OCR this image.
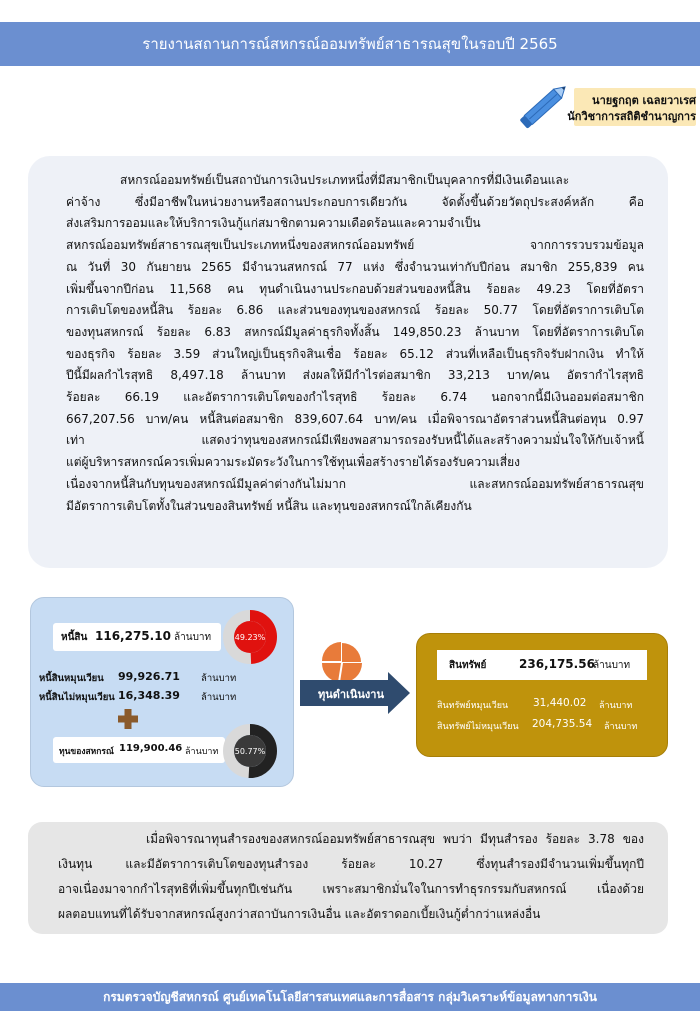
รายงานสถานการณ์สหกรณ์ออมทรัพย์สาธารณสุขในรอบปี 2565
นายฐกฤต เฉลยวาเรศ
นักวิชาการสถิติชำนาญการ
สหกรณ์ออมทรัพย์เป็นสถาบันการเงินประเภทหนึ่งที่มีสมาชิกเป็นบุคลากรที่มีเงินเดือนและ
ค่าจ้าง ซึ่งมีอาชีพในหน่วยงานหรือสถานประกอบการเดียวกัน จัดตั้งขึ้นด้วยวัตถุประสงค์หลัก คือ
ส่งเสริมการออมและให้บริการเงินกู้แก่สมาชิกตามความเดือดร้อนและความจำเป็น
สหกรณ์ออมทรัพย์สาธารณสุขเป็นประเภทหนึ่งของสหกรณ์ออมทรัพย์ จากการรวบรวมข้อมูล
ณ วันที่ 30 กันยายน 2565 มีจำนวนสหกรณ์ 77 แห่ง ซึ่งจำนวนเท่ากับปีก่อน สมาชิก 255,839 คน
เพิ่มขึ้นจากปีก่อน 11,568 คน ทุนดำเนินงานประกอบด้วยส่วนของหนี้สิน ร้อยละ 49.23 โดยที่อัตรา
การเติบโตของหนี้สิน ร้อยละ 6.86 และส่วนของทุนของสหกรณ์ ร้อยละ 50.77 โดยที่อัตราการเติบโต
ของทุนสหกรณ์ ร้อยละ 6.83 สหกรณ์มีมูลค่าธุรกิจทั้งสิ้น 149,850.23 ล้านบาท โดยที่อัตราการเติบโต
ของธุรกิจ ร้อยละ 3.59 ส่วนใหญ่เป็นธุรกิจสินเชื่อ ร้อยละ 65.12 ส่วนที่เหลือเป็นธุรกิจรับฝากเงิน ทำให้
ปีนี้มีผลกำไรสุทธิ 8,497.18 ล้านบาท ส่งผลให้มีกำไรต่อสมาชิก 33,213 บาท/คน อัตรากำไรสุทธิ
ร้อยละ 66.19 และอัตราการเติบโตของกำไรสุทธิ ร้อยละ 6.74 นอกจากนี้มีเงินออมต่อสมาชิก
667,207.56 บาท/คน หนี้สินต่อสมาชิก 839,607.64 บาท/คน เมื่อพิจารณาอัตราส่วนหนี้สินต่อทุน 0.97
เท่า แสดงว่าทุนของสหกรณ์มีเพียงพอสามารถรองรับหนี้ได้และสร้างความมั่นใจให้กับเจ้าหนี้
แต่ผู้บริหารสหกรณ์ควรเพิ่มความระมัดระวังในการใช้ทุนเพื่อสร้างรายได้รองรับความเสี่ยง
เนื่องจากหนี้สินกับทุนของสหกรณ์มีมูลค่าต่างกันไม่มาก และสหกรณ์ออมทรัพย์สาธารณสุข
มีอัตราการเติบโตทั้งในส่วนของสินทรัพย์ หนี้สิน และทุนของสหกรณ์ใกล้เคียงกัน
หนี้สิน 116,275.10 ล้านบาท	49.23%
หนี้สินหมุนเวียน 99,926.71 ล้านบาท
หนี้สินไม่หมุนเวียน 16,348.39 ล้านบาท
ทุนของสหกรณ์ 119,900.46 ล้านบาท 50.77%
ทุนดำเนินงาน
สินทรัพย์	236,175.56
ล้านบาท
สินทรัพย์หมุนเวียน 31,440.02 ล้านบาท
สินทรัพย์ไม่หมุนเวียน 204,735.54 ล้านบาท
เมื่อพิจารณาทุนสำรองของสหกรณ์ออมทรัพย์สาธารณสุข พบว่า มีทุนสำรอง ร้อยละ 3.78 ของ
เงินทุน และมีอัตราการเติบโตของทุนสำรอง ร้อยละ 10.27 ซึ่งทุนสำรองมีจำนวนเพิ่มขึ้นทุกปี
อาจเนื่องมาจากกำไรสุทธิที่เพิ่มขึ้นทุกปีเช่นกัน เพราะสมาชิกมั่นใจในการทำธุรกรรมกับสหกรณ์ เนื่องด้วย
ผลตอบแทนที่ได้รับจากสหกรณ์สูงกว่าสถาบันการเงินอื่น และอัตราดอกเบี้ยเงินกู้ต่ำกว่าแหล่งอื่น
กรมตรวจบัญชีสหกรณ์ ศูนย์เทคโนโลยีสารสนเทศและการสื่อสาร กลุ่มวิเคราะห์ข้อมูลทางการเงิน
